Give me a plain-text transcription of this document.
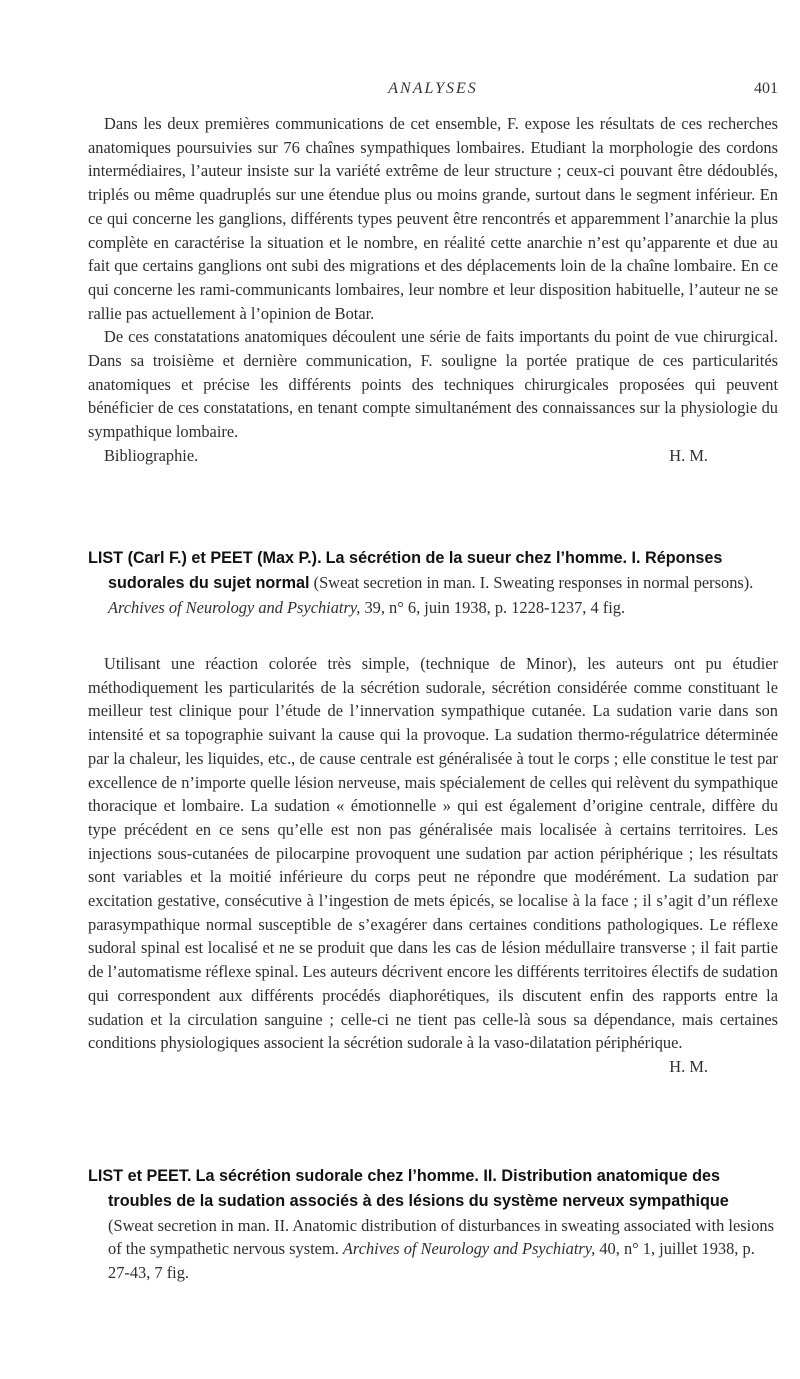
ANALYSES	401

Dans les deux premières communications de cet ensemble, F. expose les résultats de ces recherches anatomiques poursuivies sur 76 chaînes sympathiques lombaires. Etudiant la morphologie des cordons intermédiaires, l’auteur insiste sur la variété extrême de leur structure ; ceux-ci pouvant être dédoublés, triplés ou même quadruplés sur une étendue plus ou moins grande, surtout dans le segment inférieur. En ce qui concerne les ganglions, différents types peuvent être rencontrés et apparemment l’anarchie la plus complète en caractérise la situation et le nombre, en réalité cette anarchie n’est qu’apparente et due au fait que certains ganglions ont subi des migrations et des déplacements loin de la chaîne lombaire. En ce qui concerne les rami-communicants lombaires, leur nombre et leur disposition habituelle, l’auteur ne se rallie pas actuellement à l’opinion de Botar.

De ces constatations anatomiques découlent une série de faits importants du point de vue chirurgical. Dans sa troisième et dernière communication, F. souligne la portée pratique de ces particularités anatomiques et précise les différents points des techniques chirurgicales proposées qui peuvent bénéficier de ces constatations, en tenant compte simultanément des connaissances sur la physiologie du sympathique lombaire.

Bibliographie.	H. M.

LIST (Carl F.) et PEET (Max P.). La sécrétion de la sueur chez l’homme. I. Réponses sudorales du sujet normal (Sweat secretion in man. I. Sweating responses in normal persons). Archives of Neurology and Psychiatry, 39, n° 6, juin 1938, p. 1228-1237, 4 fig.

Utilisant une réaction colorée très simple, (technique de Minor), les auteurs ont pu étudier méthodiquement les particularités de la sécrétion sudorale, sécrétion considérée comme constituant le meilleur test clinique pour l’étude de l’innervation sympathique cutanée. La sudation varie dans son intensité et sa topographie suivant la cause qui la provoque. La sudation thermo-régulatrice déterminée par la chaleur, les liquides, etc., de cause centrale est généralisée à tout le corps ; elle constitue le test par excellence de n’importe quelle lésion nerveuse, mais spécialement de celles qui relèvent du sympathique thoracique et lombaire. La sudation « émotionnelle » qui est également d’origine centrale, diffère du type précédent en ce sens qu’elle est non pas généralisée mais localisée à certains territoires. Les injections sous-cutanées de pilocarpine provoquent une sudation par action périphérique ; les résultats sont variables et la moitié inférieure du corps peut ne répondre que modérément. La sudation par excitation gestative, consécutive à l’ingestion de mets épicés, se localise à la face ; il s’agit d’un réflexe parasympathique normal susceptible de s’exagérer dans certaines conditions pathologiques. Le réflexe sudoral spinal est localisé et ne se produit que dans les cas de lésion médullaire transverse ; il fait partie de l’automatisme réflexe spinal. Les auteurs décrivent encore les différents territoires électifs de sudation qui correspondent aux différents procédés diaphorétiques, ils discutent enfin des rapports entre la sudation et la circulation sanguine ; celle-ci ne tient pas celle-là sous sa dépendance, mais certaines conditions physiologiques associent la sécrétion sudorale à la vaso-dilatation périphérique.

H. M.

LIST et PEET. La sécrétion sudorale chez l’homme. II. Distribution anatomique des troubles de la sudation associés à des lésions du système nerveux sympathique (Sweat secretion in man. II. Anatomic distribution of disturbances in sweating associated with lesions of the sympathetic nervous system. Archives of Neurology and Psychiatry, 40, n° 1, juillet 1938, p. 27-43, 7 fig.
